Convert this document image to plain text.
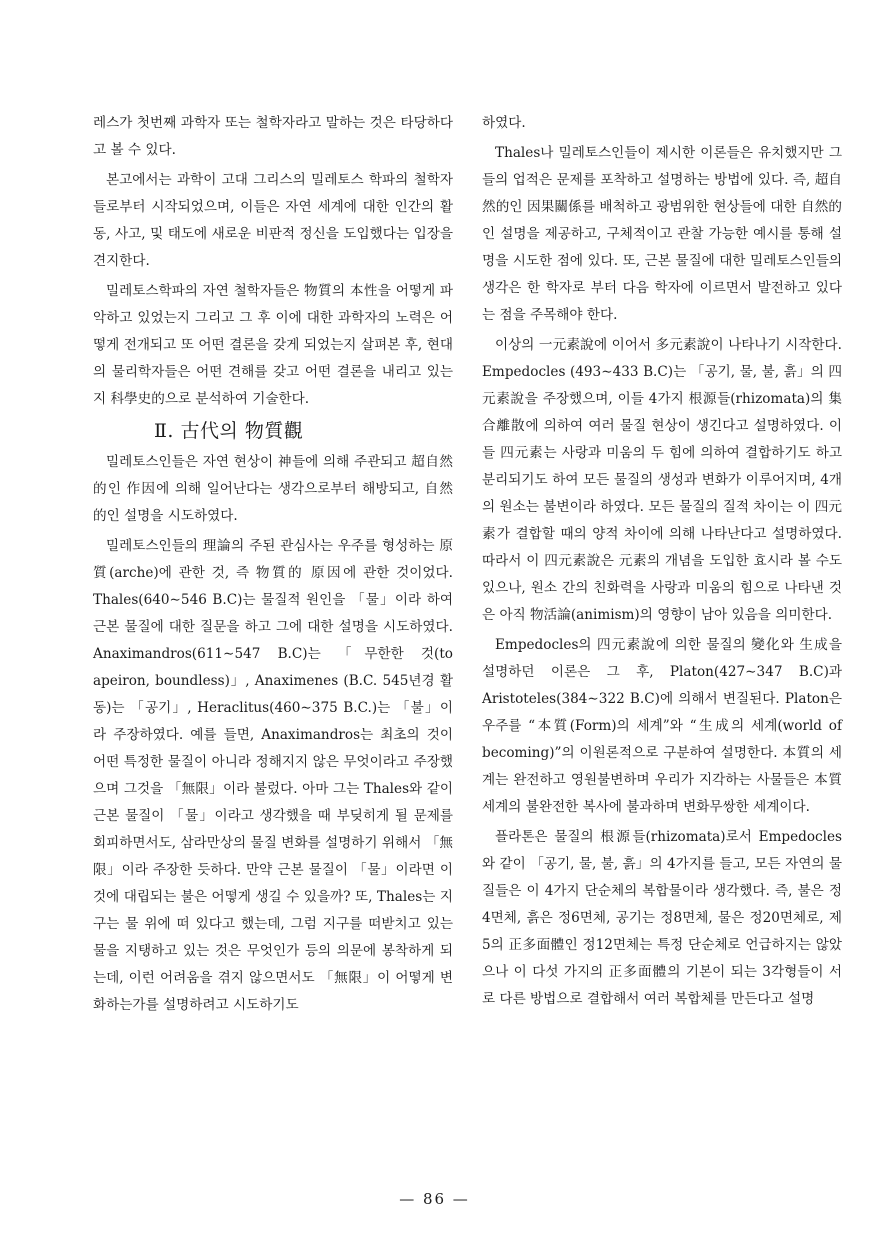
레스가 첫번째 과학자 또는 철학자라고 말하는 것은 타당하다고 볼 수 있다.

본고에서는 과학이 고대 그리스의 밀레토스 학파의 철학자들로부터 시작되었으며, 이들은 자연 세계에 대한 인간의 활동, 사고, 및 태도에 새로운 비판적 정신을 도입했다는 입장을 견지한다.

밀레토스학파의 자연 철학자들은 物質의 本性을 어떻게 파악하고 있었는지 그리고 그 후 이에 대한 과학자의 노력은 어떻게 전개되고 또 어떤 결론을 갖게 되었는지 살펴본 후, 현대의 물리학자들은 어떤 견해를 갖고 어떤 결론을 내리고 있는지 科學史的으로 분석하여 기술한다.

Ⅱ. 古代의 物質觀

밀레토스인들은 자연 현상이 神들에 의해 주관되고 超自然的인 作因에 의해 일어난다는 생각으로부터 해방되고, 自然的인 설명을 시도하였다.

밀레토스인들의 理論의 주된 관심사는 우주를 형성하는 原質(arche)에 관한 것, 즉 物質的 原因에 관한 것이었다. Thales(640∼546 B.C)는 물질적 원인을 「물」이라 하여 근본 물질에 대한 질문을 하고 그에 대한 설명을 시도하였다. Anaximandros(611∼547 B.C)는 「무한한 것(to apeiron, boundless)」, Anaximenes (B.C. 545년경 활동)는 「공기」, Heraclitus(460∼375 B.C.)는 「불」이라 주장하였다. 예를 들면, Anaximandros는 최초의 것이 어떤 특정한 물질이 아니라 정해지지 않은 무엇이라고 주장했으며 그것을 「無限」이라 불렀다. 아마 그는 Thales와 같이 근본 물질이 「물」이라고 생각했을 때 부딪히게 될 문제를 회피하면서도, 삼라만상의 물질 변화를 설명하기 위해서 「無限」이라 주장한 듯하다. 만약 근본 물질이 「물」이라면 이것에 대립되는 불은 어떻게 생길 수 있을까? 또, Thales는 지구는 물 위에 떠 있다고 했는데, 그럼 지구를 떠받치고 있는 물을 지탱하고 있는 것은 무엇인가 등의 의문에 봉착하게 되는데, 이런 어려움을 겪지 않으면서도 「無限」이 어떻게 변화하는가를 설명하려고 시도하기도

하였다.

Thales나 밀레토스인들이 제시한 이론들은 유치했지만 그들의 업적은 문제를 포착하고 설명하는 방법에 있다. 즉, 超自然的인 因果關係를 배척하고 광범위한 현상들에 대한 自然的인 설명을 제공하고, 구체적이고 관찰 가능한 예시를 통해 설명을 시도한 점에 있다. 또, 근본 물질에 대한 밀레토스인들의 생각은 한 학자로 부터 다음 학자에 이르면서 발전하고 있다는 점을 주목해야 한다.

이상의 一元素說에 이어서 多元素說이 나타나기 시작한다. Empedocles (493∼433 B.C)는 「공기, 물, 불, 흙」의 四元素說을 주장했으며, 이들 4가지 根源들(rhizomata)의 集合離散에 의하여 여러 물질 현상이 생긴다고 설명하였다. 이들 四元素는 사랑과 미움의 두 힘에 의하여 결합하기도 하고 분리되기도 하여 모든 물질의 생성과 변화가 이루어지며, 4개의 원소는 불변이라 하였다. 모든 물질의 질적 차이는 이 四元素가 결합할 때의 양적 차이에 의해 나타난다고 설명하였다. 따라서 이 四元素說은 元素의 개념을 도입한 효시라 볼 수도 있으나, 원소 간의 친화력을 사랑과 미움의 힘으로 나타낸 것은 아직 物活論(animism)의 영향이 남아 있음을 의미한다.

Empedocles의 四元素說에 의한 물질의 變化와 生成을 설명하던 이론은 그 후, Platon(427∼347 B.C)과 Aristoteles(384∼322 B.C)에 의해서 변질된다. Platon은 우주를 “本質(Form)의 세계”와 “生成의 세계(world of becoming)”의 이원론적으로 구분하여 설명한다. 本質의 세계는 완전하고 영원불변하며 우리가 지각하는 사물들은 本質 세계의 불완전한 복사에 불과하며 변화무쌍한 세계이다.

플라톤은 물질의 根源들(rhizomata)로서 Empedocles와 같이 「공기, 물, 불, 흙」의 4가지를 들고, 모든 자연의 물질들은 이 4가지 단순체의 복합물이라 생각했다. 즉, 불은 정4면체, 흙은 정6면체, 공기는 정8면체, 물은 정20면체로, 제5의 正多面體인 정12면체는 특정 단순체로 언급하지는 않았으나 이 다섯 가지의 正多面體의 기본이 되는 3각형들이 서로 다른 방법으로 결합해서 여러 복합체를 만든다고 설명

— 86 —
